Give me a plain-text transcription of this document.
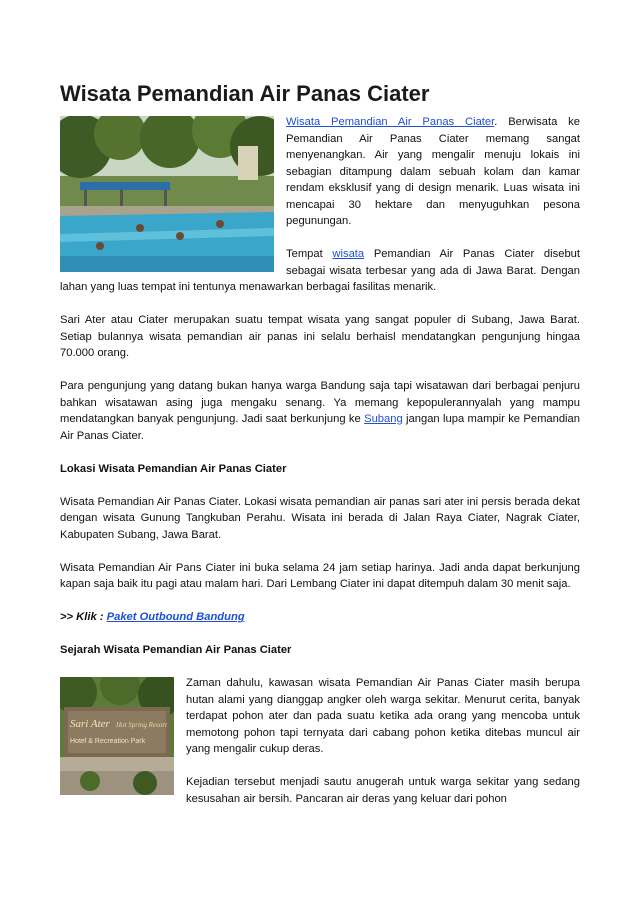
Wisata Pemandian Air Panas Ciater

Wisata Pemandian Air Panas Ciater. Berwisata ke Pemandian Air Panas Ciater memang sangat menyenangkan. Air yang mengalir menuju lokais ini sebagian ditampung dalam sebuah kolam dan kamar rendam eksklusif yang di design menarik. Luas wisata ini mencapai 30 hektare dan menyuguhkan pesona pegunungan.

Tempat wisata Pemandian Air Panas Ciater disebut sebagai wisata terbesar yang ada di Jawa Barat. Dengan lahan yang luas tempat ini tentunya menawarkan berbagai fasilitas menarik.

Sari Ater atau Ciater merupakan suatu tempat wisata yang sangat populer di Subang, Jawa Barat. Setiap bulannya wisata pemandian air panas ini selalu berhaisl mendatangkan pengunjung hingaa 70.000 orang.

Para pengunjung yang datang bukan hanya warga Bandung saja tapi wisatawan dari berbagai penjuru bahkan wisatawan asing juga mengaku senang. Ya memang kepopulerannyalah yang mampu mendatangkan banyak pengunjung. Jadi saat berkunjung ke Subang jangan lupa mampir ke Pemandian Air Panas Ciater.

Lokasi Wisata Pemandian Air Panas Ciater

Wisata Pemandian Air Panas Ciater. Lokasi wisata pemandian air panas sari ater ini persis berada dekat dengan wisata Gunung Tangkuban Perahu. Wisata ini berada di Jalan Raya Ciater, Nagrak Ciater, Kabupaten Subang, Jawa Barat.

Wisata Pemandian Air Pans Ciater ini buka selama 24 jam setiap harinya. Jadi anda dapat berkunjung kapan saja baik itu pagi atau malam hari. Dari Lembang Ciater ini dapat ditempuh dalam 30 menit saja.

>> Klik : Paket Outbound Bandung

Sejarah Wisata Pemandian Air Panas Ciater
Sari Ater Hot Spring Resort
Hotel & Recreation Park

Zaman dahulu, kawasan wisata Pemandian Air Panas Ciater masih berupa hutan alami yang dianggap angker oleh warga sekitar. Menurut cerita, banyak terdapat pohon ater dan pada suatu ketika ada orang yang mencoba untuk memotong pohon tapi ternyata dari cabang pohon ketika ditebas muncul air yang mengalir cukup deras.

Kejadian tersebut menjadi sautu anugerah untuk warga sekitar yang sedang kesusahan air bersih. Pancaran air deras yang keluar dari pohon
